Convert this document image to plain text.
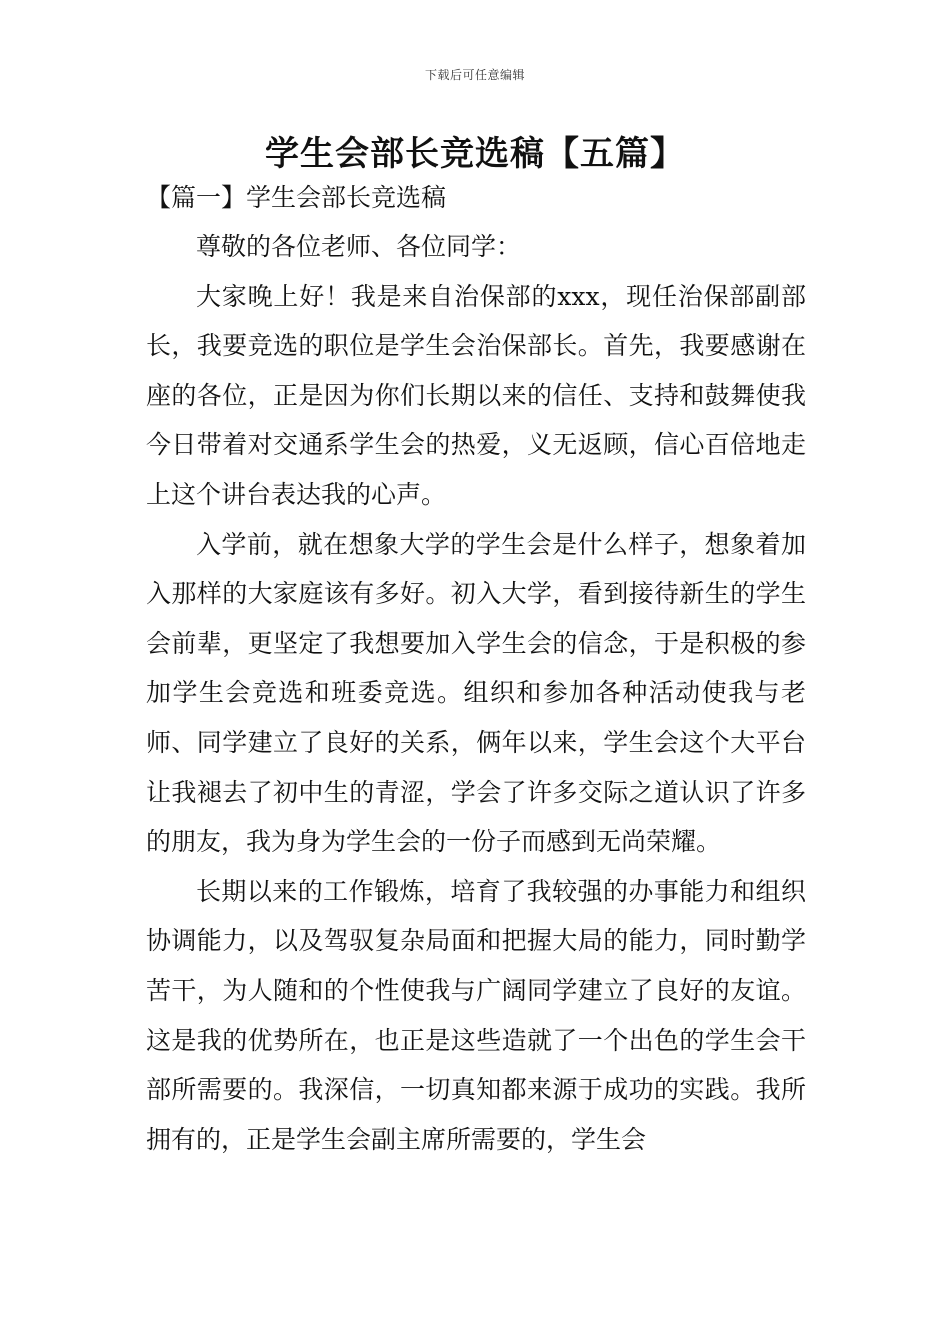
下载后可任意编辑
学生会部长竞选稿【五篇】
【篇一】学生会部长竞选稿

尊敬的各位老师、各位同学：

大家晚上好！我是来自治保部的xxx，现任治保部副部长，我要竞选的职位是学生会治保部长。首先，我要感谢在座的各位，正是因为你们长期以来的信任、支持和鼓舞使我今日带着对交通系学生会的热爱，义无返顾，信心百倍地走上这个讲台表达我的心声。

入学前，就在想象大学的学生会是什么样子，想象着加入那样的大家庭该有多好。初入大学，看到接待新生的学生会前辈，更坚定了我想要加入学生会的信念，于是积极的参加学生会竞选和班委竞选。组织和参加各种活动使我与老师、同学建立了良好的关系，俩年以来，学生会这个大平台让我褪去了初中生的青涩，学会了许多交际之道认识了许多的朋友，我为身为学生会的一份子而感到无尚荣耀。

长期以来的工作锻炼，培育了我较强的办事能力和组织协调能力，以及驾驭复杂局面和把握大局的能力，同时勤学苦干，为人随和的个性使我与广阔同学建立了良好的友谊。这是我的优势所在，也正是这些造就了一个出色的学生会干部所需要的。我深信，一切真知都来源于成功的实践。我所拥有的，正是学生会副主席所需要的，学生会
